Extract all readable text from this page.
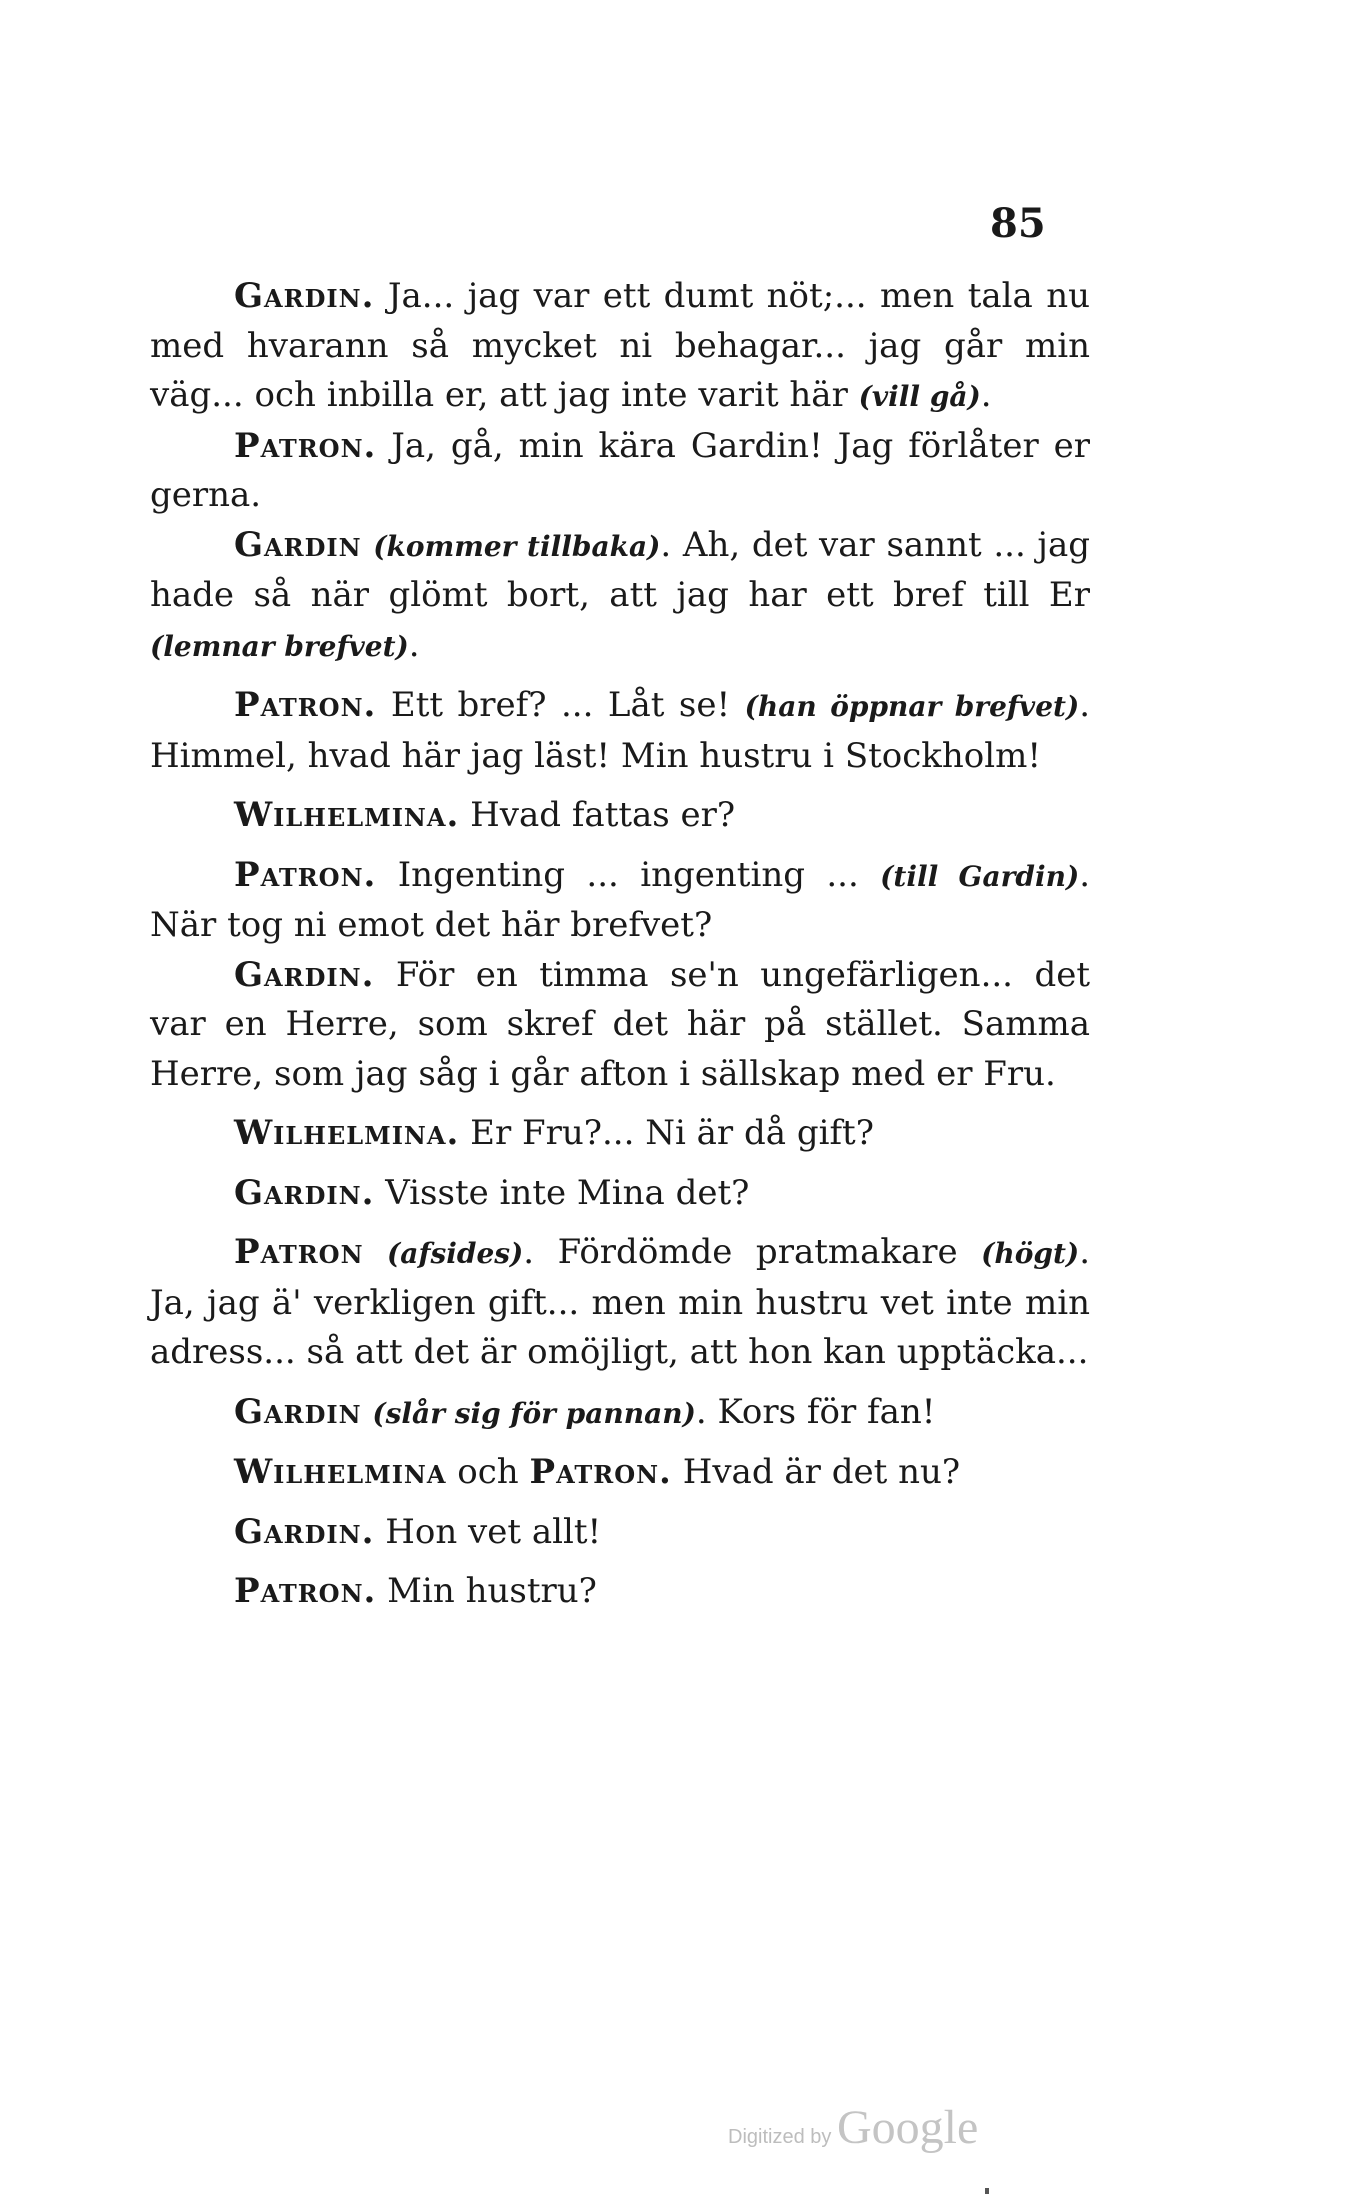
85

Gardin. Ja... jag var ett dumt nöt;... men tala nu med hvarann så mycket ni behagar... jag går min väg... och inbilla er, att jag inte varit här (vill gå).

Patron. Ja, gå, min kära Gardin! Jag förlåter er gerna.

Gardin (kommer tillbaka). Ah, det var sannt ... jag hade så när glömt bort, att jag har ett bref till Er (lemnar brefvet).

Patron. Ett bref? ... Låt se! (han öppnar brefvet). Himmel, hvad här jag läst! Min hustru i Stockholm!

Wilhelmina. Hvad fattas er?

Patron. Ingenting ... ingenting ... (till Gardin). När tog ni emot det här brefvet?

Gardin. För en timma se'n ungefärligen... det var en Herre, som skref det här på stället. Samma Herre, som jag såg i går afton i sällskap med er Fru.

Wilhelmina. Er Fru?... Ni är då gift?

Gardin. Visste inte Mina det?

Patron (afsides). Fördömde pratmakare (högt). Ja, jag ä' verkligen gift... men min hustru vet inte min adress... så att det är omöjligt, att hon kan upptäcka...

Gardin (slår sig för pannan). Kors för fan!

Wilhelmina och Patron. Hvad är det nu?

Gardin. Hon vet allt!

Patron. Min hustru?

Digitized by Google
